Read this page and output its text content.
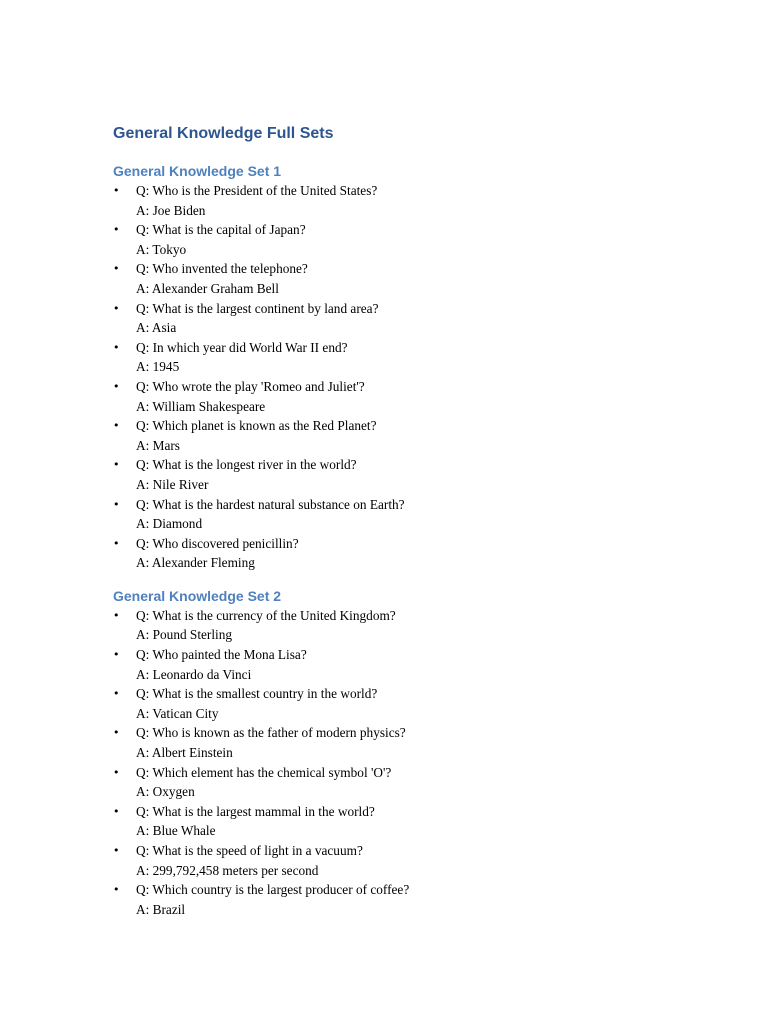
General Knowledge Full Sets
General Knowledge Set 1
• Q: Who is the President of the United States?
A: Joe Biden
• Q: What is the capital of Japan?
A: Tokyo
• Q: Who invented the telephone?
A: Alexander Graham Bell
• Q: What is the largest continent by land area?
A: Asia
• Q: In which year did World War II end?
A: 1945
• Q: Who wrote the play 'Romeo and Juliet'?
A: William Shakespeare
• Q: Which planet is known as the Red Planet?
A: Mars
• Q: What is the longest river in the world?
A: Nile River
• Q: What is the hardest natural substance on Earth?
A: Diamond
• Q: Who discovered penicillin?
A: Alexander Fleming
General Knowledge Set 2
• Q: What is the currency of the United Kingdom?
A: Pound Sterling
• Q: Who painted the Mona Lisa?
A: Leonardo da Vinci
• Q: What is the smallest country in the world?
A: Vatican City
• Q: Who is known as the father of modern physics?
A: Albert Einstein
• Q: Which element has the chemical symbol 'O'?
A: Oxygen
• Q: What is the largest mammal in the world?
A: Blue Whale
• Q: What is the speed of light in a vacuum?
A: 299,792,458 meters per second
• Q: Which country is the largest producer of coffee?
A: Brazil
